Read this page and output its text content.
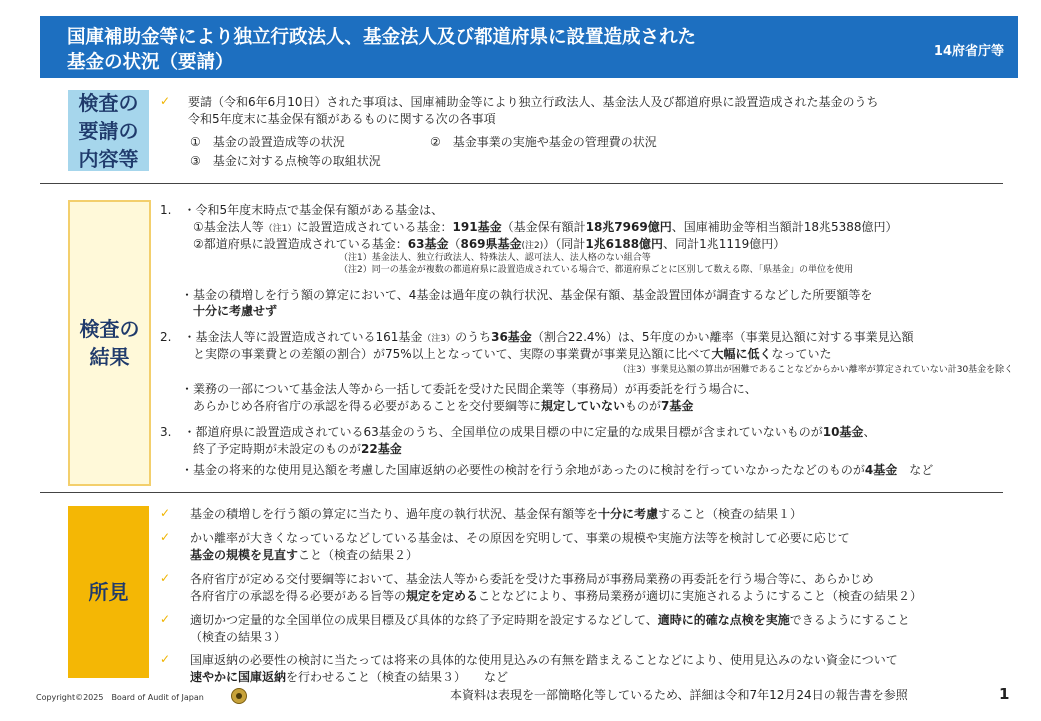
国庫補助金等により独立行政法人、基金法人及び都道府県に設置造成された
基金の状況（要請）
14府省庁等
検査の
要請の
内容等
検査の
結果
所見
✓ 要請（令和6年6月10日）された事項は、国庫補助金等により独立行政法人、基金法人及び都道府県に設置造成された基金のうち
令和5年度末に基金保有額があるものに関する次の各事項
①　基金の設置造成等の状況	②　基金事業の実施や基金の管理費の状況
③　基金に対する点検等の取組状況
1.　・令和5年度末時点で基金保有額がある基金は、
①基金法人等（注1）に設置造成されている基金：191基金（基金保有額計18兆7969億円、国庫補助金等相当額計18兆5388億円）
②都道府県に設置造成されている基金：63基金（869県基金(注2)）（同計1兆6188億円、同計1兆1119億円）
（注1）基金法人、独立行政法人、特殊法人、認可法人、法人格のない組合等
（注2）同一の基金が複数の都道府県に設置造成されている場合で、都道府県ごとに区別して数える際、「県基金」の単位を使用
・基金の積増しを行う額の算定において、4基金は過年度の執行状況、基金保有額、基金設置団体が調査するなどした所要額等を
十分に考慮せず
2.　・基金法人等に設置造成されている161基金（注3）のうち36基金（割合22.4%）は、5年度のかい離率（事業見込額に対する事業見込額
と実際の事業費との差額の割合）が75%以上となっていて、実際の事業費が事業見込額に比べて大幅に低くなっていた
（注3）事業見込額の算出が困難であることなどからかい離率が算定されていない計30基金を除く
・業務の一部について基金法人等から一括して委託を受けた民間企業等（事務局）が再委託を行う場合に、
あらかじめ各府省庁の承認を得る必要があることを交付要綱等に規定していないものが7基金
3.　・都道府県に設置造成されている63基金のうち、全国単位の成果目標の中に定量的な成果目標が含まれていないものが10基金、
終了予定時期が未設定のものが22基金
・基金の将来的な使用見込額を考慮した国庫返納の必要性の検討を行う余地があったのに検討を行っていなかったなどのものが4基金　など
✓ 基金の積増しを行う額の算定に当たり、過年度の執行状況、基金保有額等を十分に考慮すること（検査の結果１）
✓ かい離率が大きくなっているなどしている基金は、その原因を究明して、事業の規模や実施方法等を検討して必要に応じて
基金の規模を見直すこと（検査の結果２）
✓ 各府省庁が定める交付要綱等において、基金法人等から委託を受けた事務局が事務局業務の再委託を行う場合等に、あらかじめ
各府省庁の承認を得る必要がある旨等の規定を定めることなどにより、事務局業務が適切に実施されるようにすること（検査の結果２）
✓ 適切かつ定量的な全国単位の成果目標及び具体的な終了予定時期を設定するなどして、適時に的確な点検を実施できるようにすること
（検査の結果３）
✓ 国庫返納の必要性の検討に当たっては将来の具体的な使用見込みの有無を踏まえることなどにより、使用見込みのない資金について
速やかに国庫返納を行わせること（検査の結果３）　　など
Copyright©2025　Board of Audit of Japan	本資料は表現を一部簡略化等しているため、詳細は令和7年12月24日の報告書を参照	1
